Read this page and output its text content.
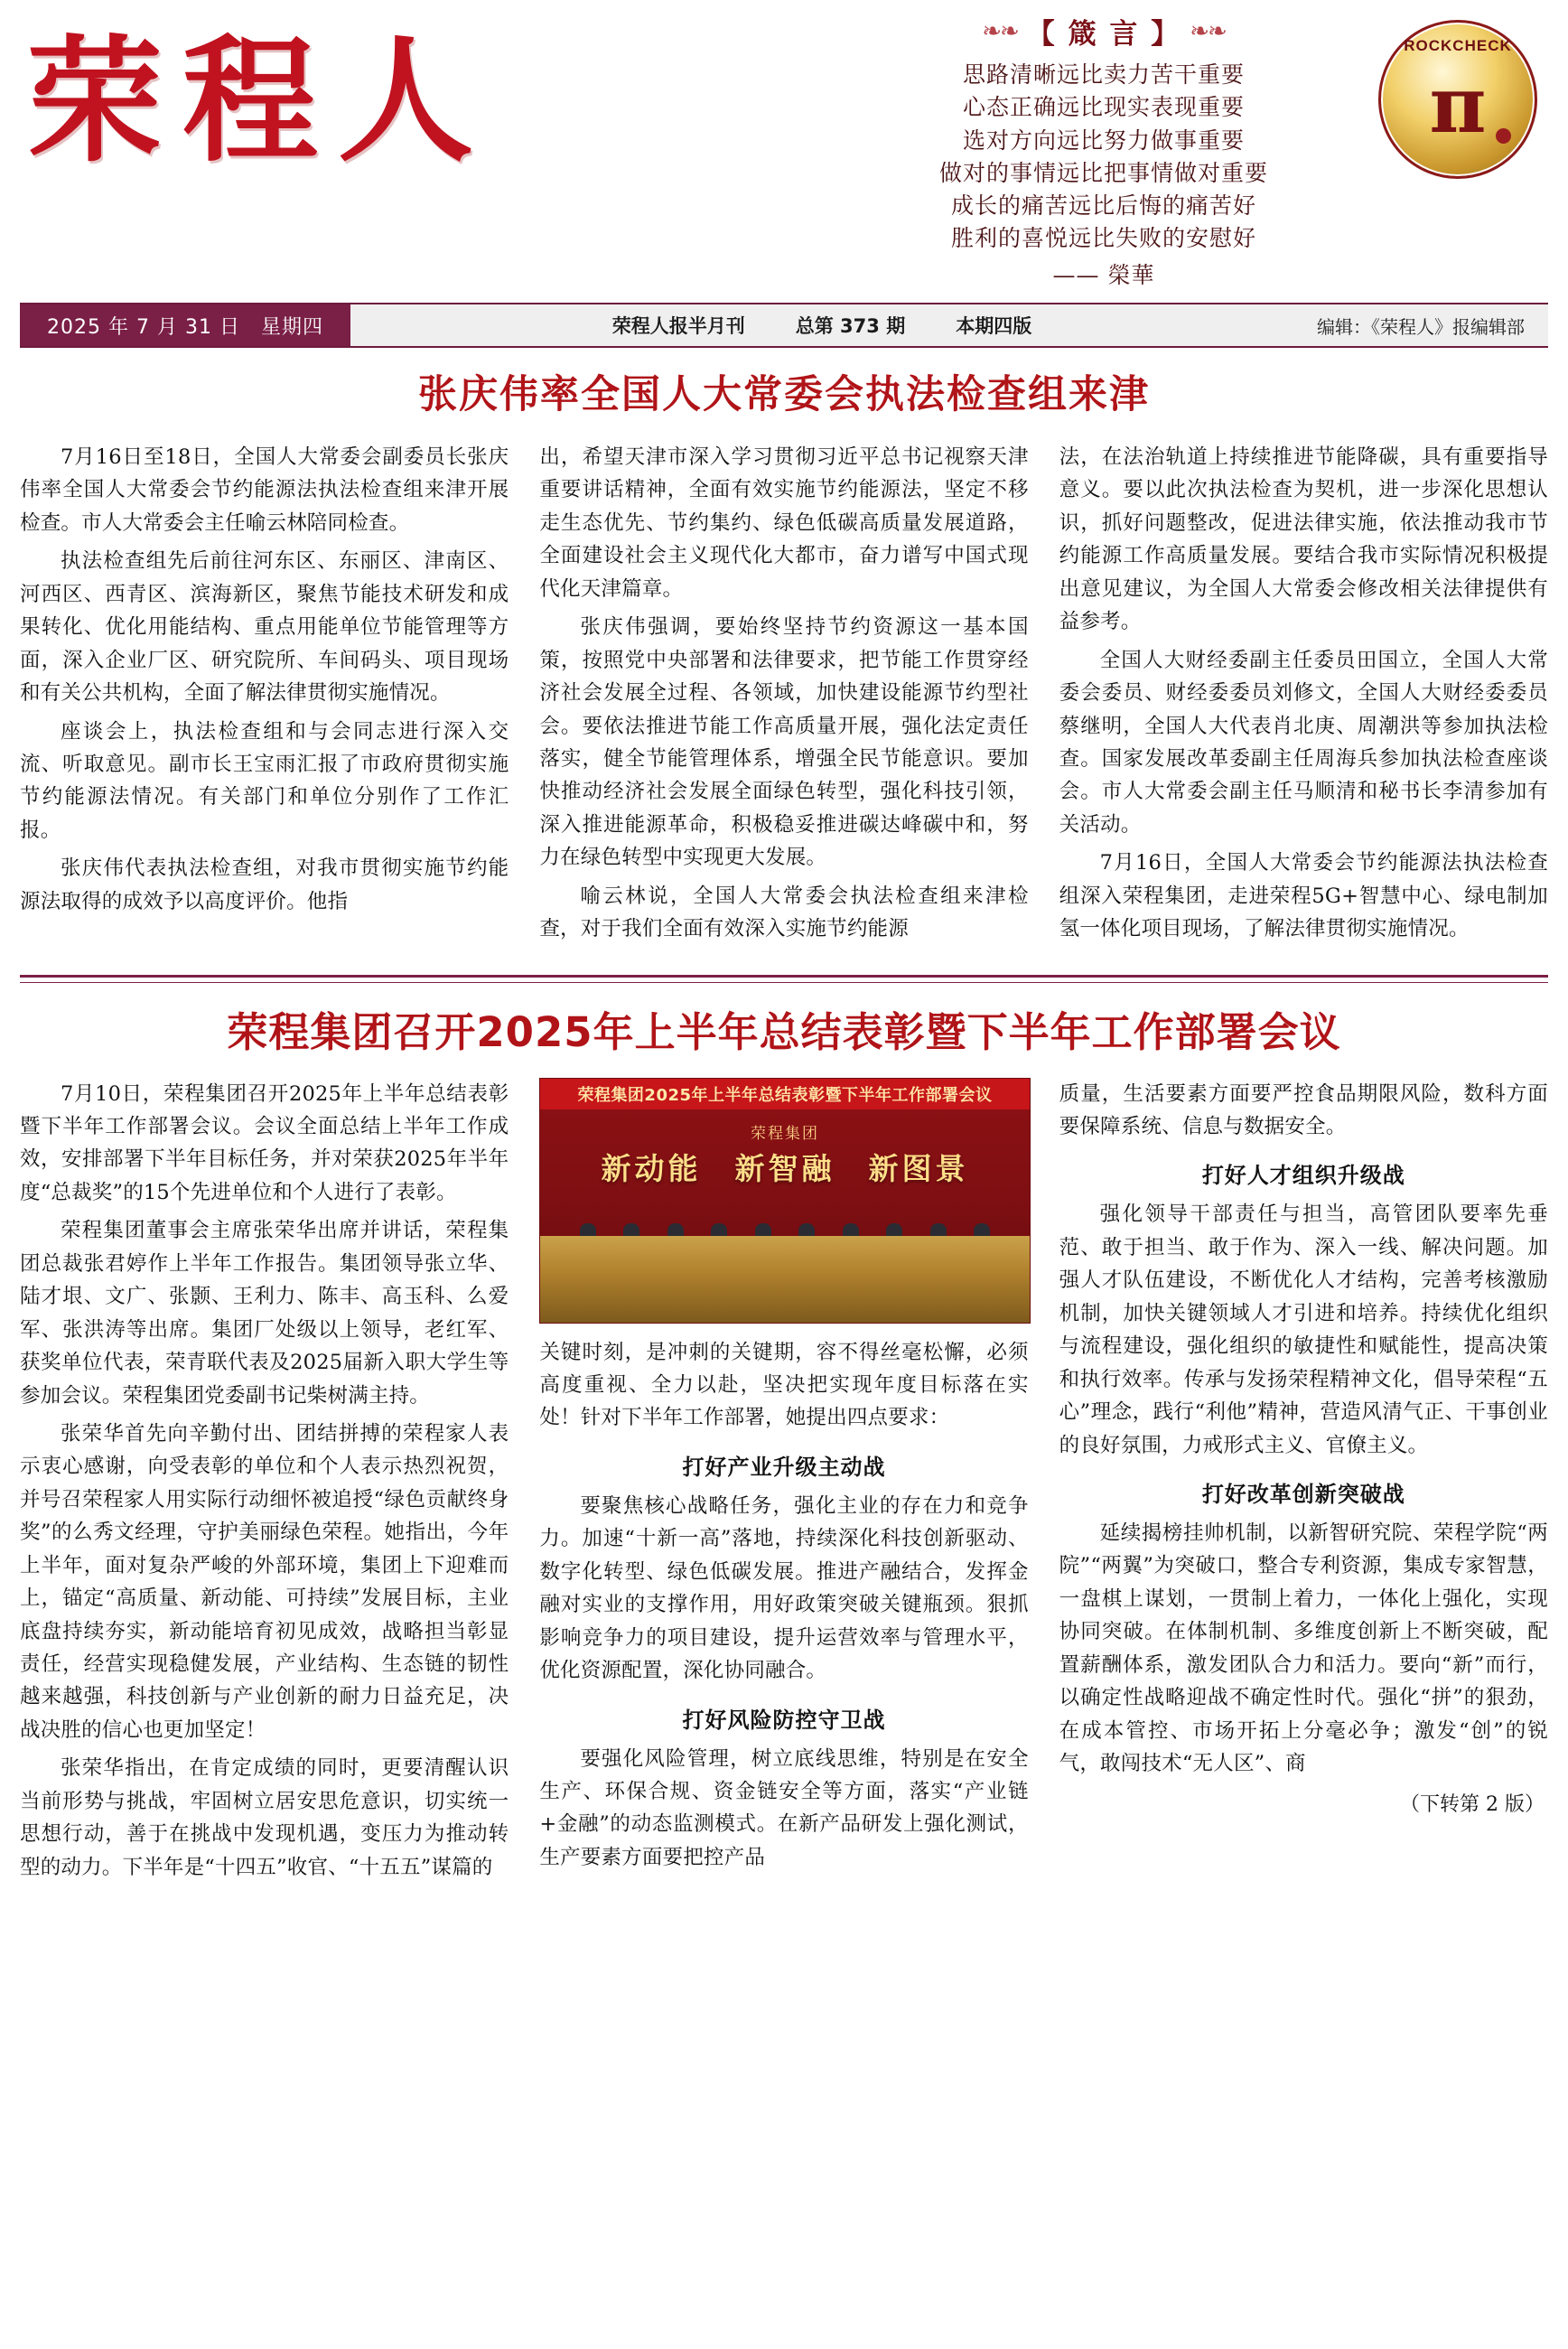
荣程人	❧❧ 【 箴 言 】 ❧❧
思路清晰远比卖力苦干重要
心态正确远比现实表现重要
选对方向远比努力做事重要
做对的事情远比把事情做对重要
成长的痛苦远比后悔的痛苦好
胜利的喜悦远比失败的安慰好
—— 榮華
ROCKCHECK
π
2025 年 7 月 31 日　星期四	荣程人报半月刊	总第 373 期	本期四版	编辑：《荣程人》报编辑部
张庆伟率全国人大常委会执法检查组来津

7月16日至18日，全国人大常委会副委员长张庆伟率全国人大常委会节约能源法执法检查组来津开展检查。市人大常委会主任喻云林陪同检查。

执法检查组先后前往河东区、东丽区、津南区、河西区、西青区、滨海新区，聚焦节能技术研发和成果转化、优化用能结构、重点用能单位节能管理等方面，深入企业厂区、研究院所、车间码头、项目现场和有关公共机构，全面了解法律贯彻实施情况。

座谈会上，执法检查组和与会同志进行深入交流、听取意见。副市长王宝雨汇报了市政府贯彻实施节约能源法情况。有关部门和单位分别作了工作汇报。

张庆伟代表执法检查组，对我市贯彻实施节约能源法取得的成效予以高度评价。他指

出，希望天津市深入学习贯彻习近平总书记视察天津重要讲话精神，全面有效实施节约能源法，坚定不移走生态优先、节约集约、绿色低碳高质量发展道路，全面建设社会主义现代化大都市，奋力谱写中国式现代化天津篇章。

张庆伟强调，要始终坚持节约资源这一基本国策，按照党中央部署和法律要求，把节能工作贯穿经济社会发展全过程、各领域，加快建设能源节约型社会。要依法推进节能工作高质量开展，强化法定责任落实，健全节能管理体系，增强全民节能意识。要加快推动经济社会发展全面绿色转型，强化科技引领，深入推进能源革命，积极稳妥推进碳达峰碳中和，努力在绿色转型中实现更大发展。

喻云林说，全国人大常委会执法检查组来津检查，对于我们全面有效深入实施节约能源

法，在法治轨道上持续推进节能降碳，具有重要指导意义。要以此次执法检查为契机，进一步深化思想认识，抓好问题整改，促进法律实施，依法推动我市节约能源工作高质量发展。要结合我市实际情况积极提出意见建议，为全国人大常委会修改相关法律提供有益参考。

全国人大财经委副主任委员田国立，全国人大常委会委员、财经委委员刘修文，全国人大财经委委员蔡继明，全国人大代表肖北庚、周潮洪等参加执法检查。国家发展改革委副主任周海兵参加执法检查座谈会。市人大常委会副主任马顺清和秘书长李清参加有关活动。

7月16日，全国人大常委会节约能源法执法检查组深入荣程集团，走进荣程5G+智慧中心、绿电制加氢一体化项目现场，了解法律贯彻实施情况。

荣程集团召开2025年上半年总结表彰暨下半年工作部署会议

7月10日，荣程集团召开2025年上半年总结表彰暨下半年工作部署会议。会议全面总结上半年工作成效，安排部署下半年目标任务，并对荣获2025年半年度“总裁奖”的15个先进单位和个人进行了表彰。

荣程集团董事会主席张荣华出席并讲话，荣程集团总裁张君婷作上半年工作报告。集团领导张立华、陆才垠、文广、张颢、王利力、陈丰、高玉科、么爱军、张洪涛等出席。集团厂处级以上领导，老红军、获奖单位代表，荣青联代表及2025届新入职大学生等参加会议。荣程集团党委副书记柴树满主持。

张荣华首先向辛勤付出、团结拼搏的荣程家人表示衷心感谢，向受表彰的单位和个人表示热烈祝贺，并号召荣程家人用实际行动细怀被追授“绿色贡献终身奖”的么秀文经理，守护美丽绿色荣程。她指出，今年上半年，面对复杂严峻的外部环境，集团上下迎难而上，锚定“高质量、新动能、可持续”发展目标，主业底盘持续夯实，新动能培育初见成效，战略担当彰显责任，经营实现稳健发展，产业结构、生态链的韧性越来越强，科技创新与产业创新的耐力日益充足，决战决胜的信心也更加坚定！

张荣华指出，在肯定成绩的同时，更要清醒认识当前形势与挑战，牢固树立居安思危意识，切实统一思想行动，善于在挑战中发现机遇，变压力为推动转型的动力。下半年是“十四五”收官、“十五五”谋篇的

荣程集团2025年上半年总结表彰暨下半年工作部署会议
荣程集团
新动能　新智融　新图景

关键时刻，是冲刺的关键期，容不得丝毫松懈，必须高度重视、全力以赴，坚决把实现年度目标落在实处！针对下半年工作部署，她提出四点要求：

打好产业升级主动战

要聚焦核心战略任务，强化主业的存在力和竞争力。加速“十新一高”落地，持续深化科技创新驱动、数字化转型、绿色低碳发展。推进产融结合，发挥金融对实业的支撑作用，用好政策突破关键瓶颈。狠抓影响竞争力的项目建设，提升运营效率与管理水平，优化资源配置，深化协同融合。

打好风险防控守卫战

要强化风险管理，树立底线思维，特别是在安全生产、环保合规、资金链安全等方面，落实“产业链+金融”的动态监测模式。在新产品研发上强化测试，生产要素方面要把控产品

质量，生活要素方面要严控食品期限风险，数科方面要保障系统、信息与数据安全。

打好人才组织升级战

强化领导干部责任与担当，高管团队要率先垂范、敢于担当、敢于作为、深入一线、解决问题。加强人才队伍建设，不断优化人才结构，完善考核激励机制，加快关键领域人才引进和培养。持续优化组织与流程建设，强化组织的敏捷性和赋能性，提高决策和执行效率。传承与发扬荣程精神文化，倡导荣程“五心”理念，践行“利他”精神，营造风清气正、干事创业的良好氛围，力戒形式主义、官僚主义。

打好改革创新突破战

延续揭榜挂帅机制，以新智研究院、荣程学院“两院”“两翼”为突破口，整合专利资源，集成专家智慧，一盘棋上谋划，一贯制上着力，一体化上强化，实现协同突破。在体制机制、多维度创新上不断突破，配置薪酬体系，激发团队合力和活力。要向“新”而行，以确定性战略迎战不确定性时代。强化“拼”的狠劲，在成本管控、市场开拓上分毫必争；激发“创”的锐气，敢闯技术“无人区”、商

（下转第 2 版）
